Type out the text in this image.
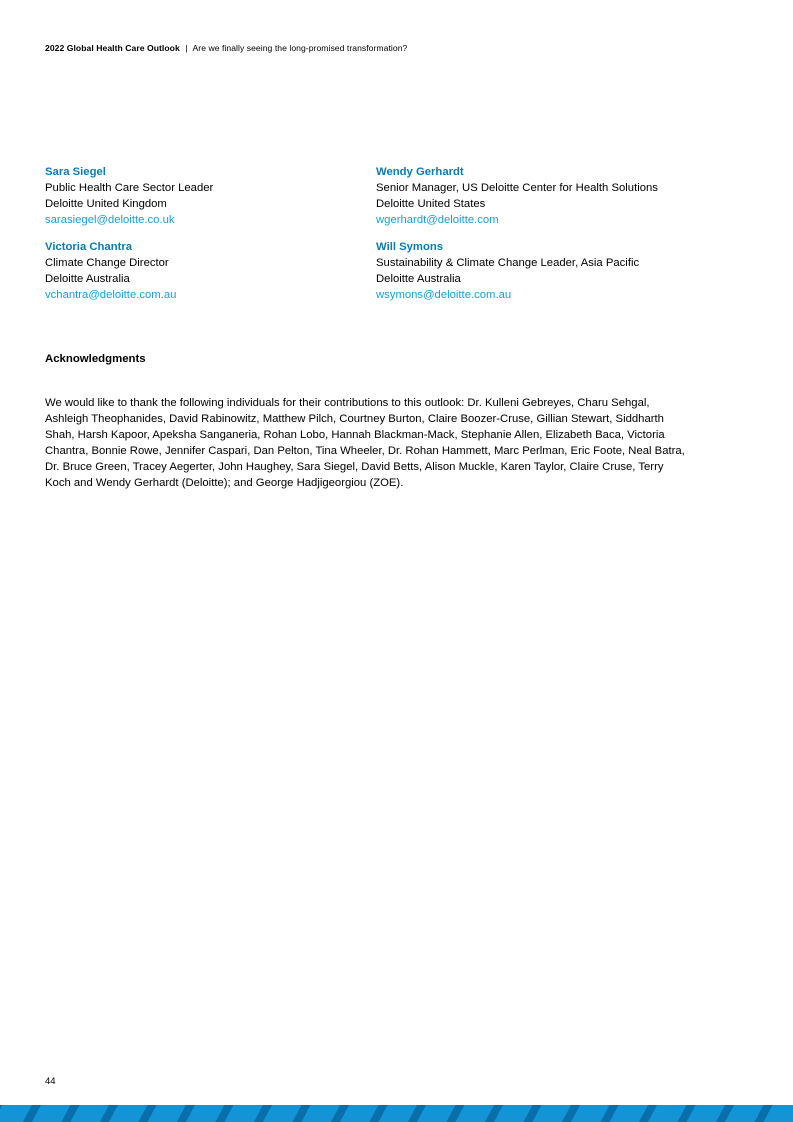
2022 Global Health Care Outlook | Are we finally seeing the long-promised transformation?
Sara Siegel
Public Health Care Sector Leader
Deloitte United Kingdom
sarasiegel@deloitte.co.uk
Wendy Gerhardt
Senior Manager, US Deloitte Center for Health Solutions
Deloitte United States
wgerhardt@deloitte.com
Victoria Chantra
Climate Change Director
Deloitte Australia
vchantra@deloitte.com.au
Will Symons
Sustainability & Climate Change Leader, Asia Pacific
Deloitte Australia
wsymons@deloitte.com.au
Acknowledgments
We would like to thank the following individuals for their contributions to this outlook: Dr. Kulleni Gebreyes, Charu Sehgal, Ashleigh Theophanides, David Rabinowitz, Matthew Pilch, Courtney Burton, Claire Boozer-Cruse, Gillian Stewart, Siddharth Shah, Harsh Kapoor, Apeksha Sanganeria, Rohan Lobo, Hannah Blackman-Mack, Stephanie Allen, Elizabeth Baca, Victoria Chantra, Bonnie Rowe, Jennifer Caspari, Dan Pelton, Tina Wheeler, Dr. Rohan Hammett, Marc Perlman, Eric Foote, Neal Batra, Dr. Bruce Green, Tracey Aegerter, John Haughey, Sara Siegel, David Betts, Alison Muckle, Karen Taylor, Claire Cruse, Terry Koch and Wendy Gerhardt (Deloitte); and George Hadjigeorgiou (ZOE).
44
